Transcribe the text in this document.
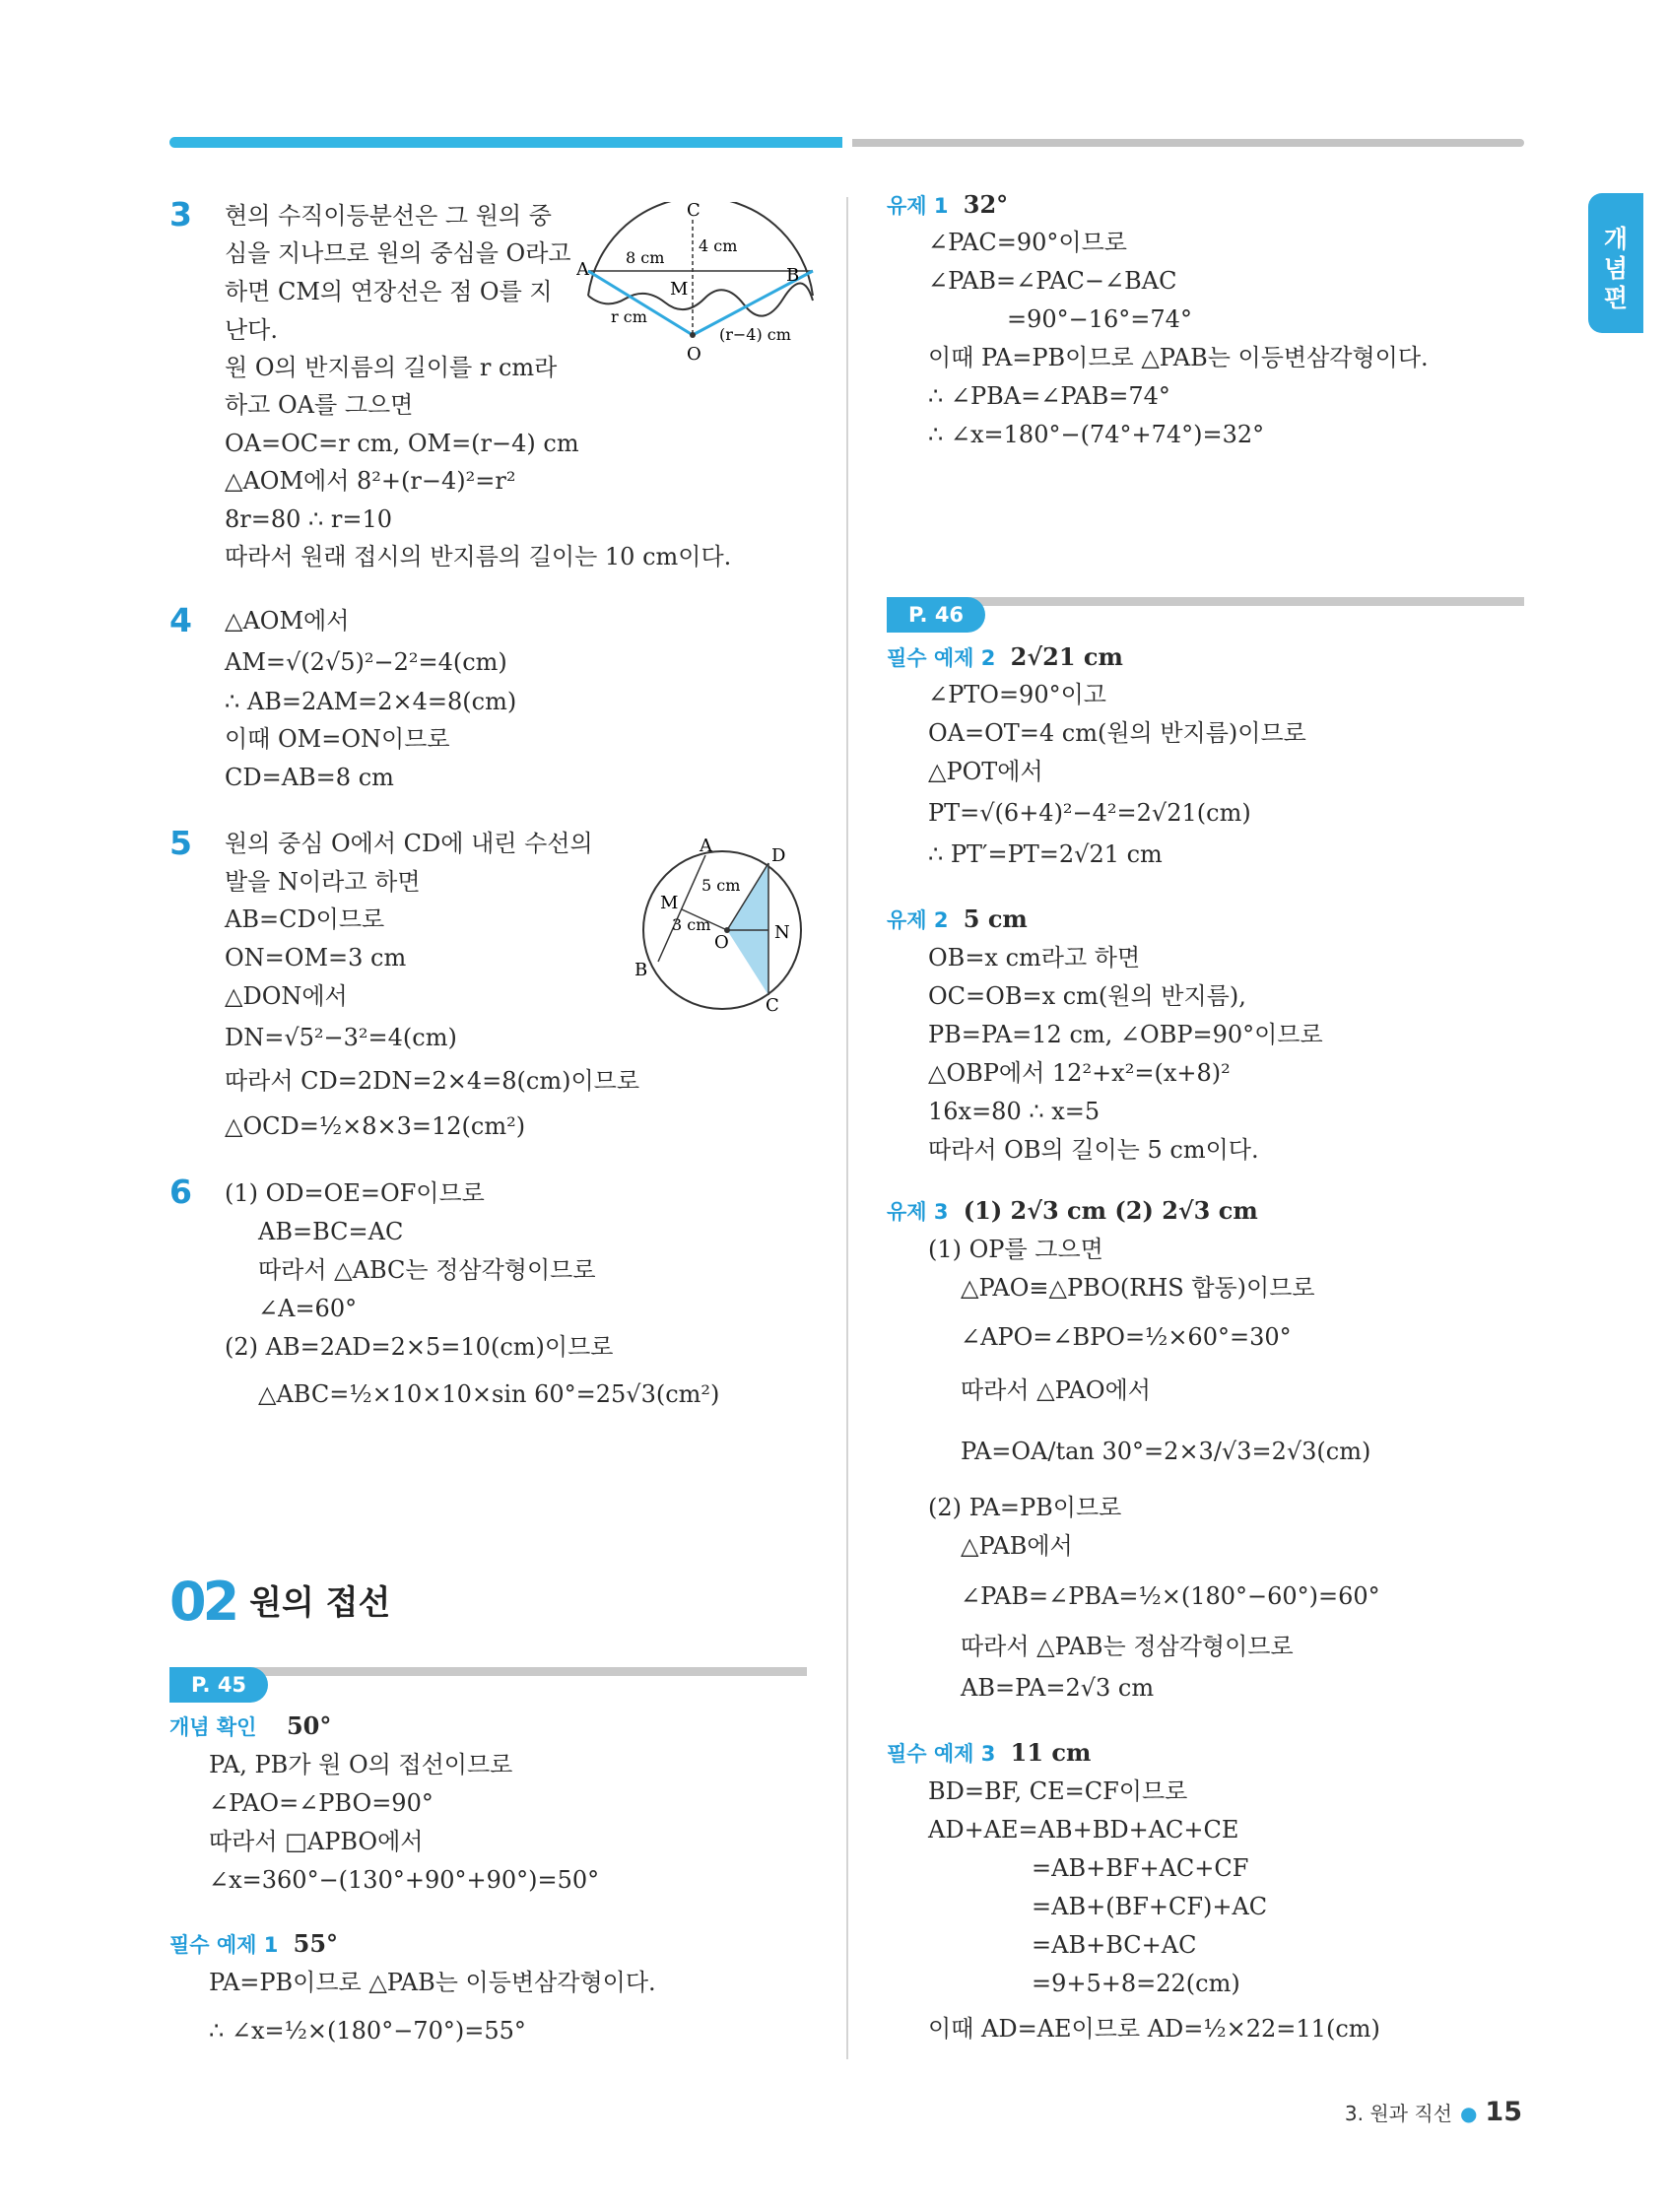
개
념
편
3 현의 수직이등분선은 그 원의 중
심을 지나므로 원의 중심을 O라고
하면 CM의 연장선은 점 O를 지
난다.
원 O의 반지름의 길이를 r cm라
하고 OA를 그으면
OA=OC=r cm, OM=(r−4) cm
△AOM에서 8²+(r−4)²=r²
8r=80 ∴ r=10
따라서 원래 접시의 반지름의 길이는 10 cm이다.
C
A	B
M
O
8 cm
4 cm
r cm
(r−4) cm
4 △AOM에서
AM=√(2√5)²−2²=4(cm)
∴ AB=2AM=2×4=8(cm)
이때 OM=ON이므로
CD=AB=8 cm
5 원의 중심 O에서 CD에 내린 수선의
발을 N이라고 하면
AB=CD이므로
ON=OM=3 cm
△DON에서
DN=√5²−3²=4(cm)
따라서 CD=2DN=2×4=8(cm)이므로
△OCD=½×8×3=12(cm²)
A	D
M
N
O
B
C
5 cm
3 cm
6 (1) OD=OE=OF이므로
AB=BC=AC
따라서 △ABC는 정삼각형이므로
∠A=60°
(2) AB=2AD=2×5=10(cm)이므로
△ABC=½×10×10×sin 60°=25√3(cm²)
02 원의 접선
P. 45
개념 확인 50°
PA, PB가 원 O의 접선이므로
∠PAO=∠PBO=90°
따라서 □APBO에서
∠x=360°−(130°+90°+90°)=50°
필수 예제 1 55°
PA=PB이므로 △PAB는 이등변삼각형이다.
∴ ∠x=½×(180°−70°)=55°
유제 1 32°
∠PAC=90°이므로
∠PAB=∠PAC−∠BAC
=90°−16°=74°
이때 PA=PB이므로 △PAB는 이등변삼각형이다.
∴ ∠PBA=∠PAB=74°
∴ ∠x=180°−(74°+74°)=32°
P. 46
필수 예제 2 2√21 cm
∠PTO=90°이고
OA=OT=4 cm(원의 반지름)이므로
△POT에서
PT=√(6+4)²−4²=2√21(cm)
∴ PT′=PT=2√21 cm
유제 2 5 cm
OB=x cm라고 하면
OC=OB=x cm(원의 반지름),
PB=PA=12 cm, ∠OBP=90°이므로
△OBP에서 12²+x²=(x+8)²
16x=80 ∴ x=5
따라서 OB의 길이는 5 cm이다.
유제 3 (1) 2√3 cm (2) 2√3 cm
(1) OP를 그으면
△PAO≡△PBO(RHS 합동)이므로
∠APO=∠BPO=½×60°=30°
따라서 △PAO에서
PA=OA/tan 30°=2×3/√3=2√3(cm)
(2) PA=PB이므로
△PAB에서
∠PAB=∠PBA=½×(180°−60°)=60°
따라서 △PAB는 정삼각형이므로
AB=PA=2√3 cm
필수 예제 3 11 cm
BD=BF, CE=CF이므로
AD+AE=AB+BD+AC+CE
=AB+BF+AC+CF
=AB+(BF+CF)+AC
=AB+BC+AC
=9+5+8=22(cm)
이때 AD=AE이므로 AD=½×22=11(cm)
3. 원과 직선 ● 15
